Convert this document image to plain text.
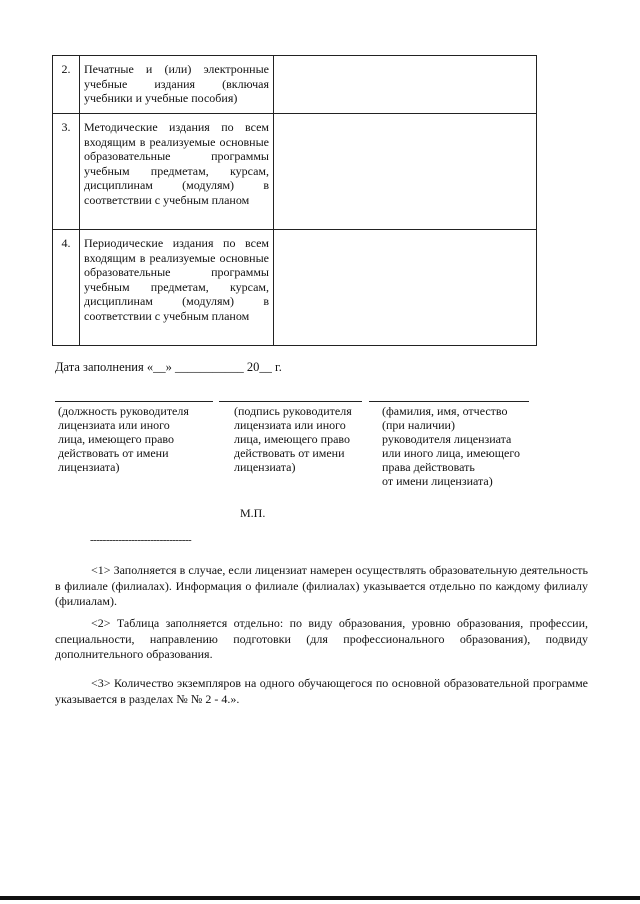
2.	Печатные и (или) электронные учебные издания (включая учебники и учебные пособия)	
3.	Методические издания по всем входящим в реализуемые основные образовательные программы учебным предметам, курсам, дисциплинам (модулям) в соответствии с учебным планом	
4.	Периодические издания по всем входящим в реализуемые основные образовательные программы учебным предметам, курсам, дисциплинам (модулям) в соответствии с учебным планом	
Дата заполнения «__» ___________ 20__ г.
(должность руководителя
лицензиата или иного
лица, имеющего право
действовать от имени
лицензиата)
(подпись руководителя
лицензиата или иного
лица, имеющего право
действовать от имени
лицензиата)
(фамилия, имя, отчество
(при наличии)
руководителя лицензиата
или иного лица, имеющего
права действовать
от имени лицензиата)
М.П.
--------------------------------

<1> Заполняется в случае, если лицензиат намерен осуществлять образовательную деятельность в филиале (филиалах). Информация о филиале (филиалах) указывается отдельно по каждому филиалу (филиалам).

<2> Таблица заполняется отдельно: по виду образования, уровню образования, профессии, специальности, направлению подготовки (для профессионального образования), подвиду дополнительного образования.

<3> Количество экземпляров на одного обучающегося по основной образовательной программе указывается в разделах № № 2 - 4.».
